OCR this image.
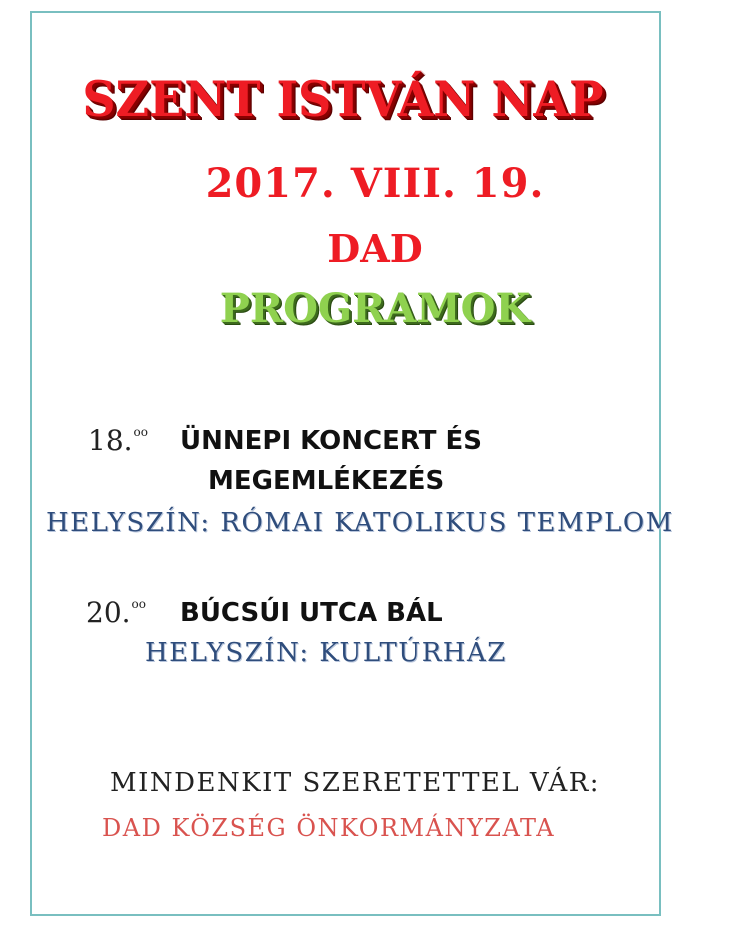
SZENT ISTVÁN NAP
2017. VIII. 19.
DAD
PROGRAMOK
18.$^{oo}$ ÜNNEPI KONCERT ÉS
MEGEMLÉKEZÉS
HELYSZÍN: RÓMAI KATOLIKUS TEMPLOM
20.$^{oo}$ BÚCSÚI UTCA BÁL
HELYSZÍN: KULTÚRHÁZ
MINDENKIT SZERETETTEL VÁR:
DAD KÖZSÉG ÖNKORMÁNYZATA
